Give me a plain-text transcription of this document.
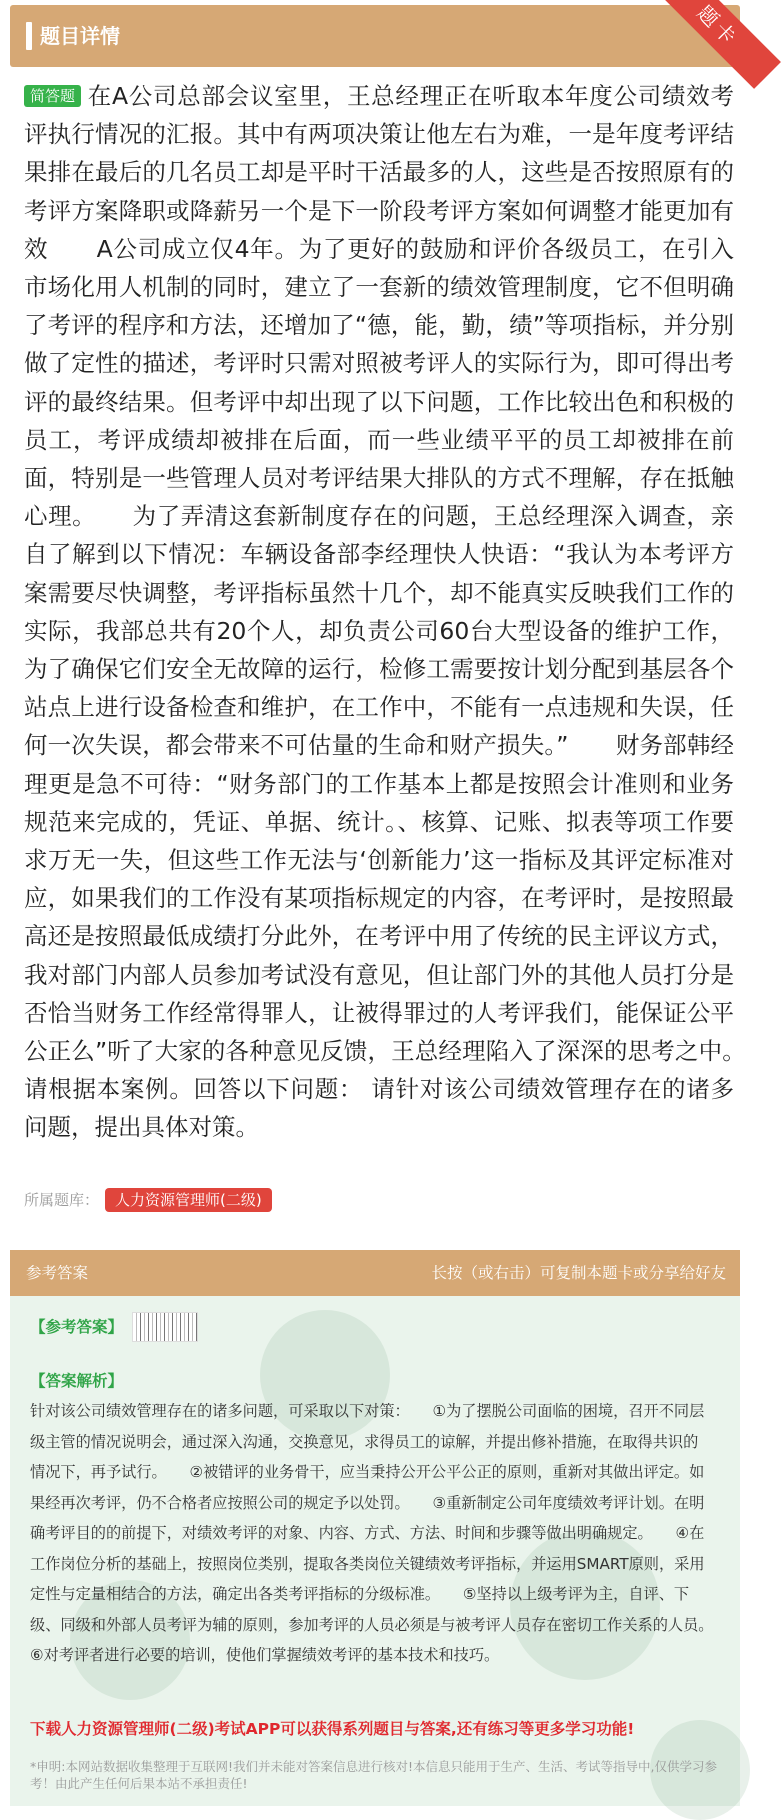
题目详情
简答题 在A公司总部会议室里，王总经理正在听取本年度公司绩效考评执行情况的汇报。其中有两项决策让他左右为难，一是年度考评结果排在最后的几名员工却是平时干活最多的人，这些是否按照原有的考评方案降职或降薪另一个是下一阶段考评方案如何调整才能更加有效　　A公司成立仅4年。为了更好的鼓励和评价各级员工，在引入市场化用人机制的同时，建立了一套新的绩效管理制度，它不但明确了考评的程序和方法，还增加了“德，能，勤，绩”等项指标，并分别做了定性的描述，考评时只需对照被考评人的实际行为，即可得出考评的最终结果。但考评中却出现了以下问题，工作比较出色和积极的员工，考评成绩却被排在后面，而一些业绩平平的员工却被排在前面，特别是一些管理人员对考评结果大排队的方式不理解，存在抵触心理。　　为了弄清这套新制度存在的问题，王总经理深入调查，亲自了解到以下情况：车辆设备部李经理快人快语：“我认为本考评方案需要尽快调整，考评指标虽然十几个，却不能真实反映我们工作的实际，我部总共有20个人，却负责公司60台大型设备的维护工作，为了确保它们安全无故障的运行，检修工需要按计划分配到基层各个站点上进行设备检查和维护，在工作中，不能有一点违规和失误，任何一次失误，都会带来不可估量的生命和财产损失。”　　财务部韩经理更是急不可待：“财务部门的工作基本上都是按照会计准则和业务规范来完成的，凭证、单据、统计。、核算、记账、拟表等项工作要求万无一失，但这些工作无法与‘创新能力’这一指标及其评定标准对应，如果我们的工作没有某项指标规定的内容，在考评时，是按照最高还是按照最低成绩打分此外，在考评中用了传统的民主评议方式，我对部门内部人员参加考试没有意见，但让部门外的其他人员打分是否恰当财务工作经常得罪人，让被得罪过的人考评我们，能保证公平公正么”听了大家的各种意见反馈，王总经理陷入了深深的思考之中。　　请根据本案例。回答以下问题： 请针对该公司绩效管理存在的诸多问题，提出具体对策。
所属题库： 人力资源管理师(二级)
题卡
参考答案	长按（或右击）可复制本题卡或分享给好友
【参考答案】
【答案解析】
针对该公司绩效管理存在的诸多问题，可采取以下对策：　　①为了摆脱公司面临的困境，召开不同层级主管的情况说明会，通过深入沟通，交换意见，求得员工的谅解，并提出修补措施，在取得共识的情况下，再予试行。　　②被错评的业务骨干，应当秉持公开公平公正的原则，重新对其做出评定。如果经再次考评，仍不合格者应按照公司的规定予以处罚。　　③重新制定公司年度绩效考评计划。在明确考评目的的前提下，对绩效考评的对象、内容、方式、方法、时间和步骤等做出明确规定。　　④在工作岗位分析的基础上，按照岗位类别，提取各类岗位关键绩效考评指标，并运用SMART原则，采用定性与定量相结合的方法，确定出各类考评指标的分级标准。　　⑤坚持以上级考评为主，自评、下级、同级和外部人员考评为辅的原则，参加考评的人员必须是与被考评人员存在密切工作关系的人员。　　⑥对考评者进行必要的培训，使他们掌握绩效考评的基本技术和技巧。
下载人力资源管理师(二级)考试APP可以获得系列题目与答案,还有练习等更多学习功能!
*申明:本网站数据收集整理于互联网!我们并未能对答案信息进行核对!本信息只能用于生产、生活、考试等指导中,仅供学习参考！由此产生任何后果本站不承担责任!
